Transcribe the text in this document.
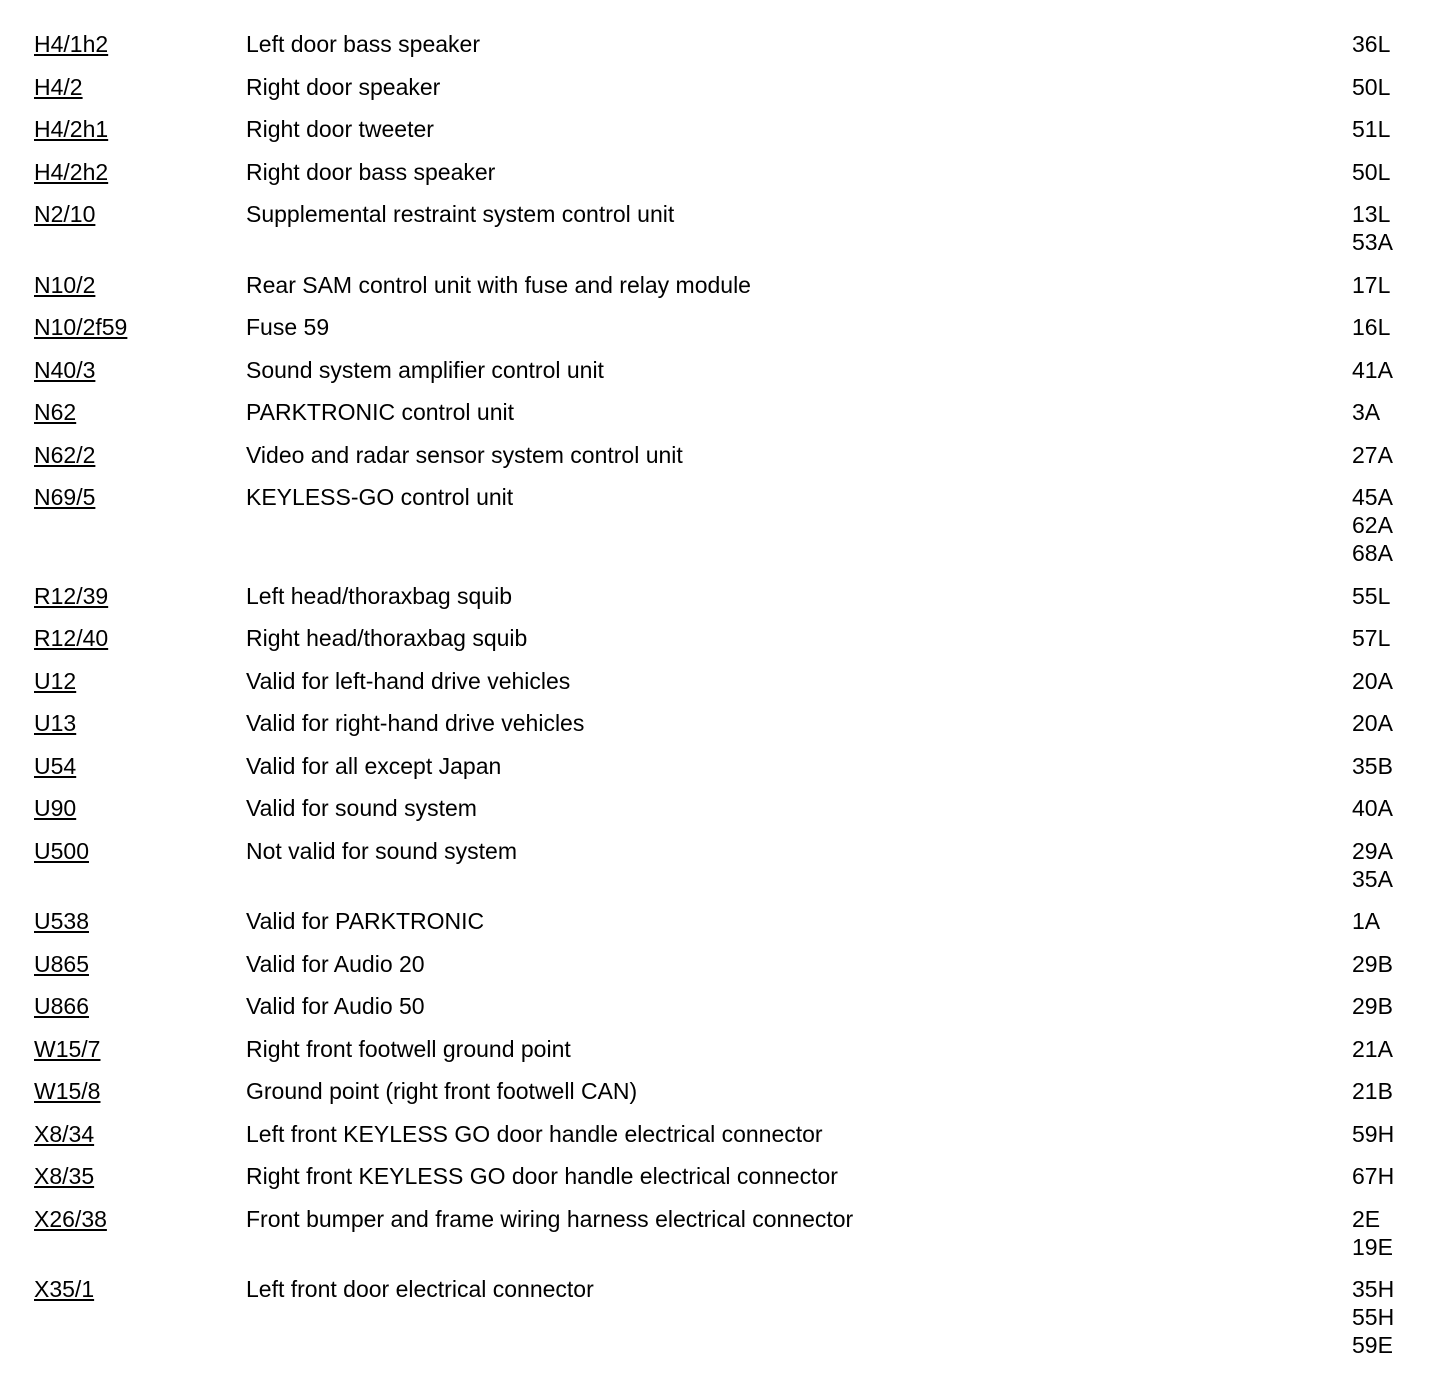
H4/1h2	Left door bass speaker	36L
H4/2	Right door speaker	50L
H4/2h1	Right door tweeter	51L
H4/2h2	Right door bass speaker	50L
N2/10	Supplemental restraint system control unit	13L
53A
N10/2	Rear SAM control unit with fuse and relay module	17L
N10/2f59	Fuse 59	16L
N40/3	Sound system amplifier control unit	41A
N62	PARKTRONIC control unit	3A
N62/2	Video and radar sensor system control unit	27A
N69/5	KEYLESS-GO control unit	45A
62A
68A
R12/39	Left head/thoraxbag squib	55L
R12/40	Right head/thoraxbag squib	57L
U12	Valid for left-hand drive vehicles	20A
U13	Valid for right-hand drive vehicles	20A
U54	Valid for all except Japan	35B
U90	Valid for sound system	40A
U500	Not valid for sound system	29A
35A
U538	Valid for PARKTRONIC	1A
U865	Valid for Audio 20	29B
U866	Valid for Audio 50	29B
W15/7	Right front footwell ground point	21A
W15/8	Ground point (right front footwell CAN)	21B
X8/34	Left front KEYLESS GO door handle electrical connector	59H
X8/35	Right front KEYLESS GO door handle electrical connector	67H
X26/38	Front bumper and frame wiring harness electrical connector	2E
19E
X35/1	Left front door electrical connector	35H
55H
59E
